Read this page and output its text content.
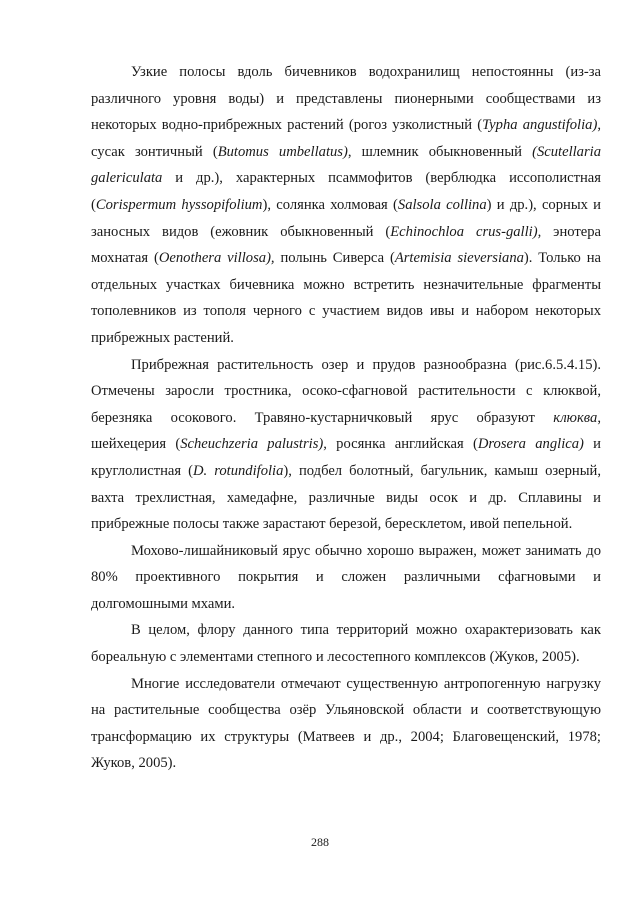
Узкие полосы вдоль бичевников водохранилищ непостоянны (из-за различного уровня воды) и представлены пионерными сообществами из некоторых водно-прибрежных растений (рогоз узколистный (Typha angustifolia), сусак зонтичный (Butomus umbellatus), шлемник обыкновенный (Scutellaria galericulata и др.), характерных псаммофитов (верблюдка иссополистная (Corispermum hyssopifolium), солянка холмовая (Salsola collina) и др.), сорных и заносных видов (ежовник обыкновенный (Echinochloa crus-galli), энотера мохнатая (Oenothera villosa), полынь Сиверса (Artemisia sieversiana). Только на отдельных участках бичевника можно встретить незначительные фрагменты тополевников из тополя черного с участием видов ивы и набором некоторых прибрежных растений.

Прибрежная растительность озер и прудов разнообразна (рис.6.5.4.15). Отмечены заросли тростника, осоко-сфагновой растительности с клюквой, березняка осокового. Травяно-кустарничковый ярус образуют клюква, шейхецерия (Scheuchzeria palustris), росянка английская (Drosera anglica) и круглолистная (D. rotundifolia), подбел болотный, багульник, камыш озерный, вахта трехлистная, хамедафне, различные виды осок и др. Сплавины и прибрежные полосы также зарастают березой, бересклетом, ивой пепельной.

Мохово-лишайниковый ярус обычно хорошо выражен, может занимать до 80% проективного покрытия и сложен различными сфагновыми и долгомошными мхами.

В целом, флору данного типа территорий можно охарактеризовать как бореальную с элементами степного и лесостепного комплексов (Жуков, 2005).

Многие исследователи отмечают существенную антропогенную нагрузку на растительные сообщества озёр Ульяновской области и соответствующую трансформацию их структуры (Матвеев и др., 2004; Благовещенский, 1978; Жуков, 2005).

288
